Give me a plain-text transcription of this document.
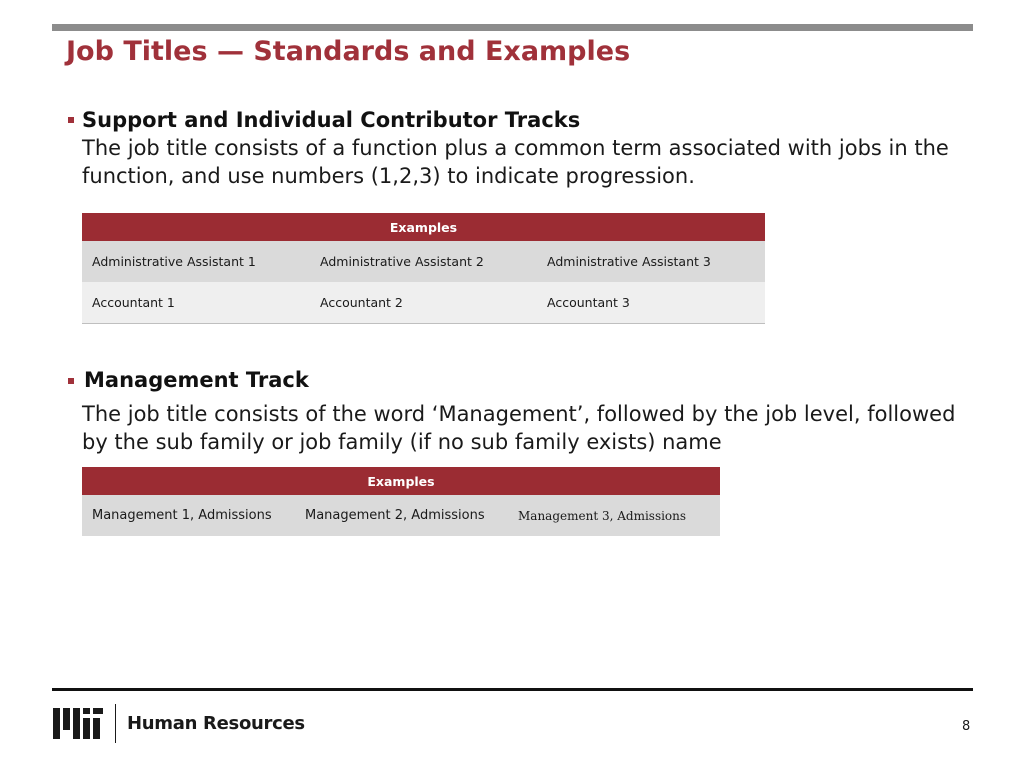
Job Titles — Standards and Examples
Support and Individual Contributor Tracks
The job title consists of a function plus a common term associated with jobs in the function, and use numbers (1,2,3) to indicate progression.
Examples		
Administrative Assistant 1	Administrative Assistant 2	Administrative Assistant 3
Accountant 1	Accountant 2	Accountant 3
Management Track
The job title consists of the word ‘Management’, followed by the job level, followed by the sub family or job family (if no sub family exists) name
Examples
Management 1, Admissions	Management 2, Admissions	Management 3, Admissions
Human Resources	8
